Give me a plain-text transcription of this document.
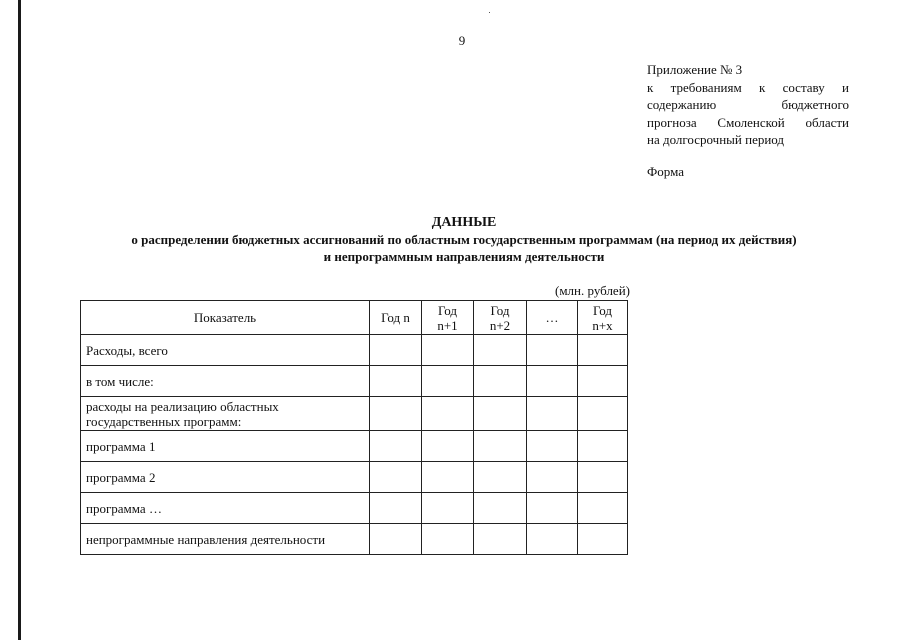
9
Приложение № 3
к требованиям к составу и
содержанию бюджетного
прогноза Смоленской области
на долгосрочный период
Форма
ДАННЫЕ
о распределении бюджетных ассигнований по областным государственным программам (на период их действия)
и непрограммным направлениям деятельности
(млн. рублей)
Показатель	Год n	Год n+1	Год n+2	…	Год n+x
Расходы, всего					
в том числе:					
расходы на реализацию областных государственных программ:					
программа 1					
программа 2					
программа …					
непрограммные направления деятельности					
